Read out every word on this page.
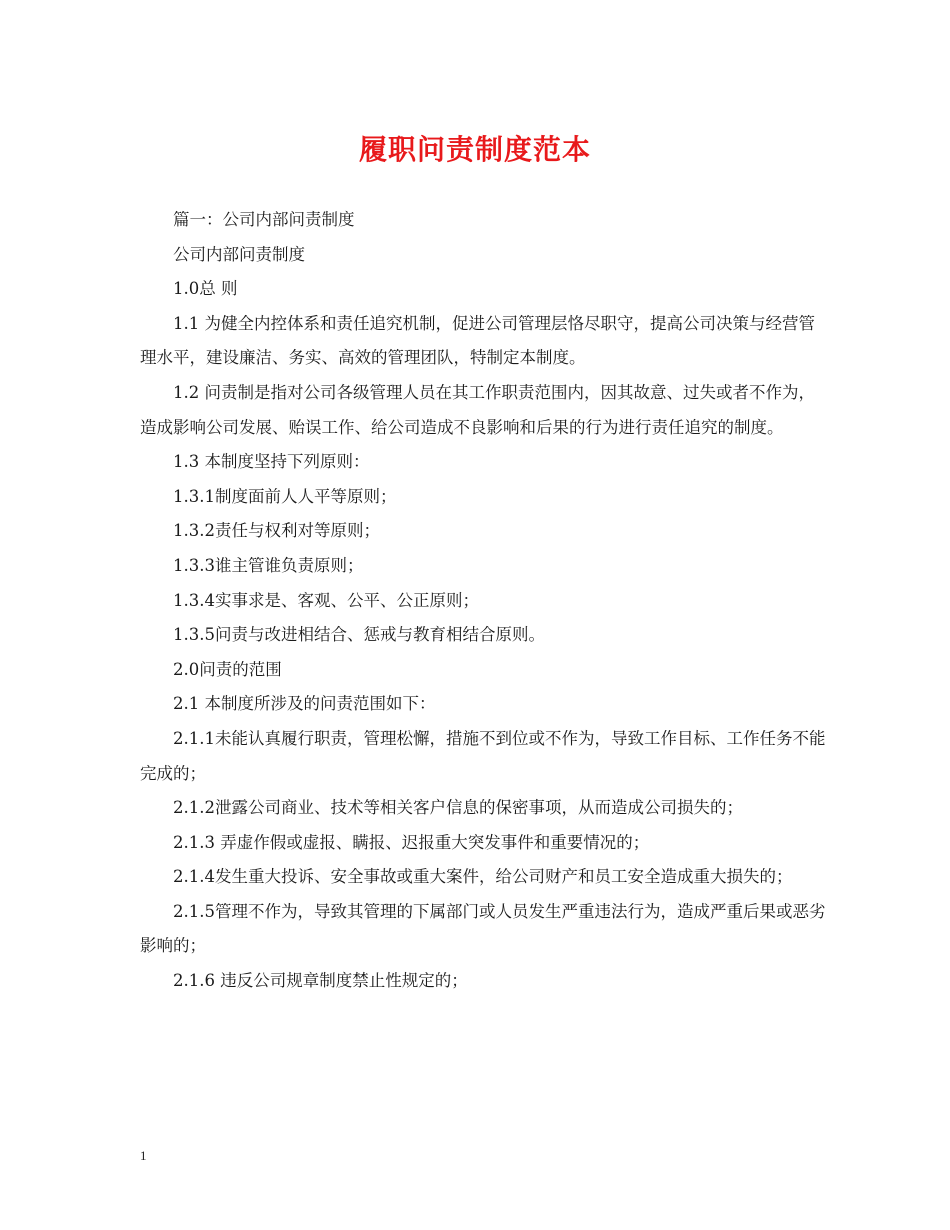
履职问责制度范本

篇一：公司内部问责制度

公司内部问责制度

1.0总 则

1.1 为健全内控体系和责任追究机制，促进公司管理层恪尽职守，提高公司决策与经营管理水平，建设廉洁、务实、高效的管理团队，特制定本制度。

1.2 问责制是指对公司各级管理人员在其工作职责范围内，因其故意、过失或者不作为，造成影响公司发展、贻误工作、给公司造成不良影响和后果的行为进行责任追究的制度。

1.3 本制度坚持下列原则：

1.3.1制度面前人人平等原则；

1.3.2责任与权利对等原则；

1.3.3谁主管谁负责原则；

1.3.4实事求是、客观、公平、公正原则；

1.3.5问责与改进相结合、惩戒与教育相结合原则。

2.0问责的范围

2.1 本制度所涉及的问责范围如下：

2.1.1未能认真履行职责，管理松懈，措施不到位或不作为，导致工作目标、工作任务不能完成的；

2.1.2泄露公司商业、技术等相关客户信息的保密事项，从而造成公司损失的；

2.1.3 弄虚作假或虚报、瞒报、迟报重大突发事件和重要情况的；

2.1.4发生重大投诉、安全事故或重大案件，给公司财产和员工安全造成重大损失的；

2.1.5管理不作为，导致其管理的下属部门或人员发生严重违法行为，造成严重后果或恶劣影响的；

2.1.6 违反公司规章制度禁止性规定的；

1
